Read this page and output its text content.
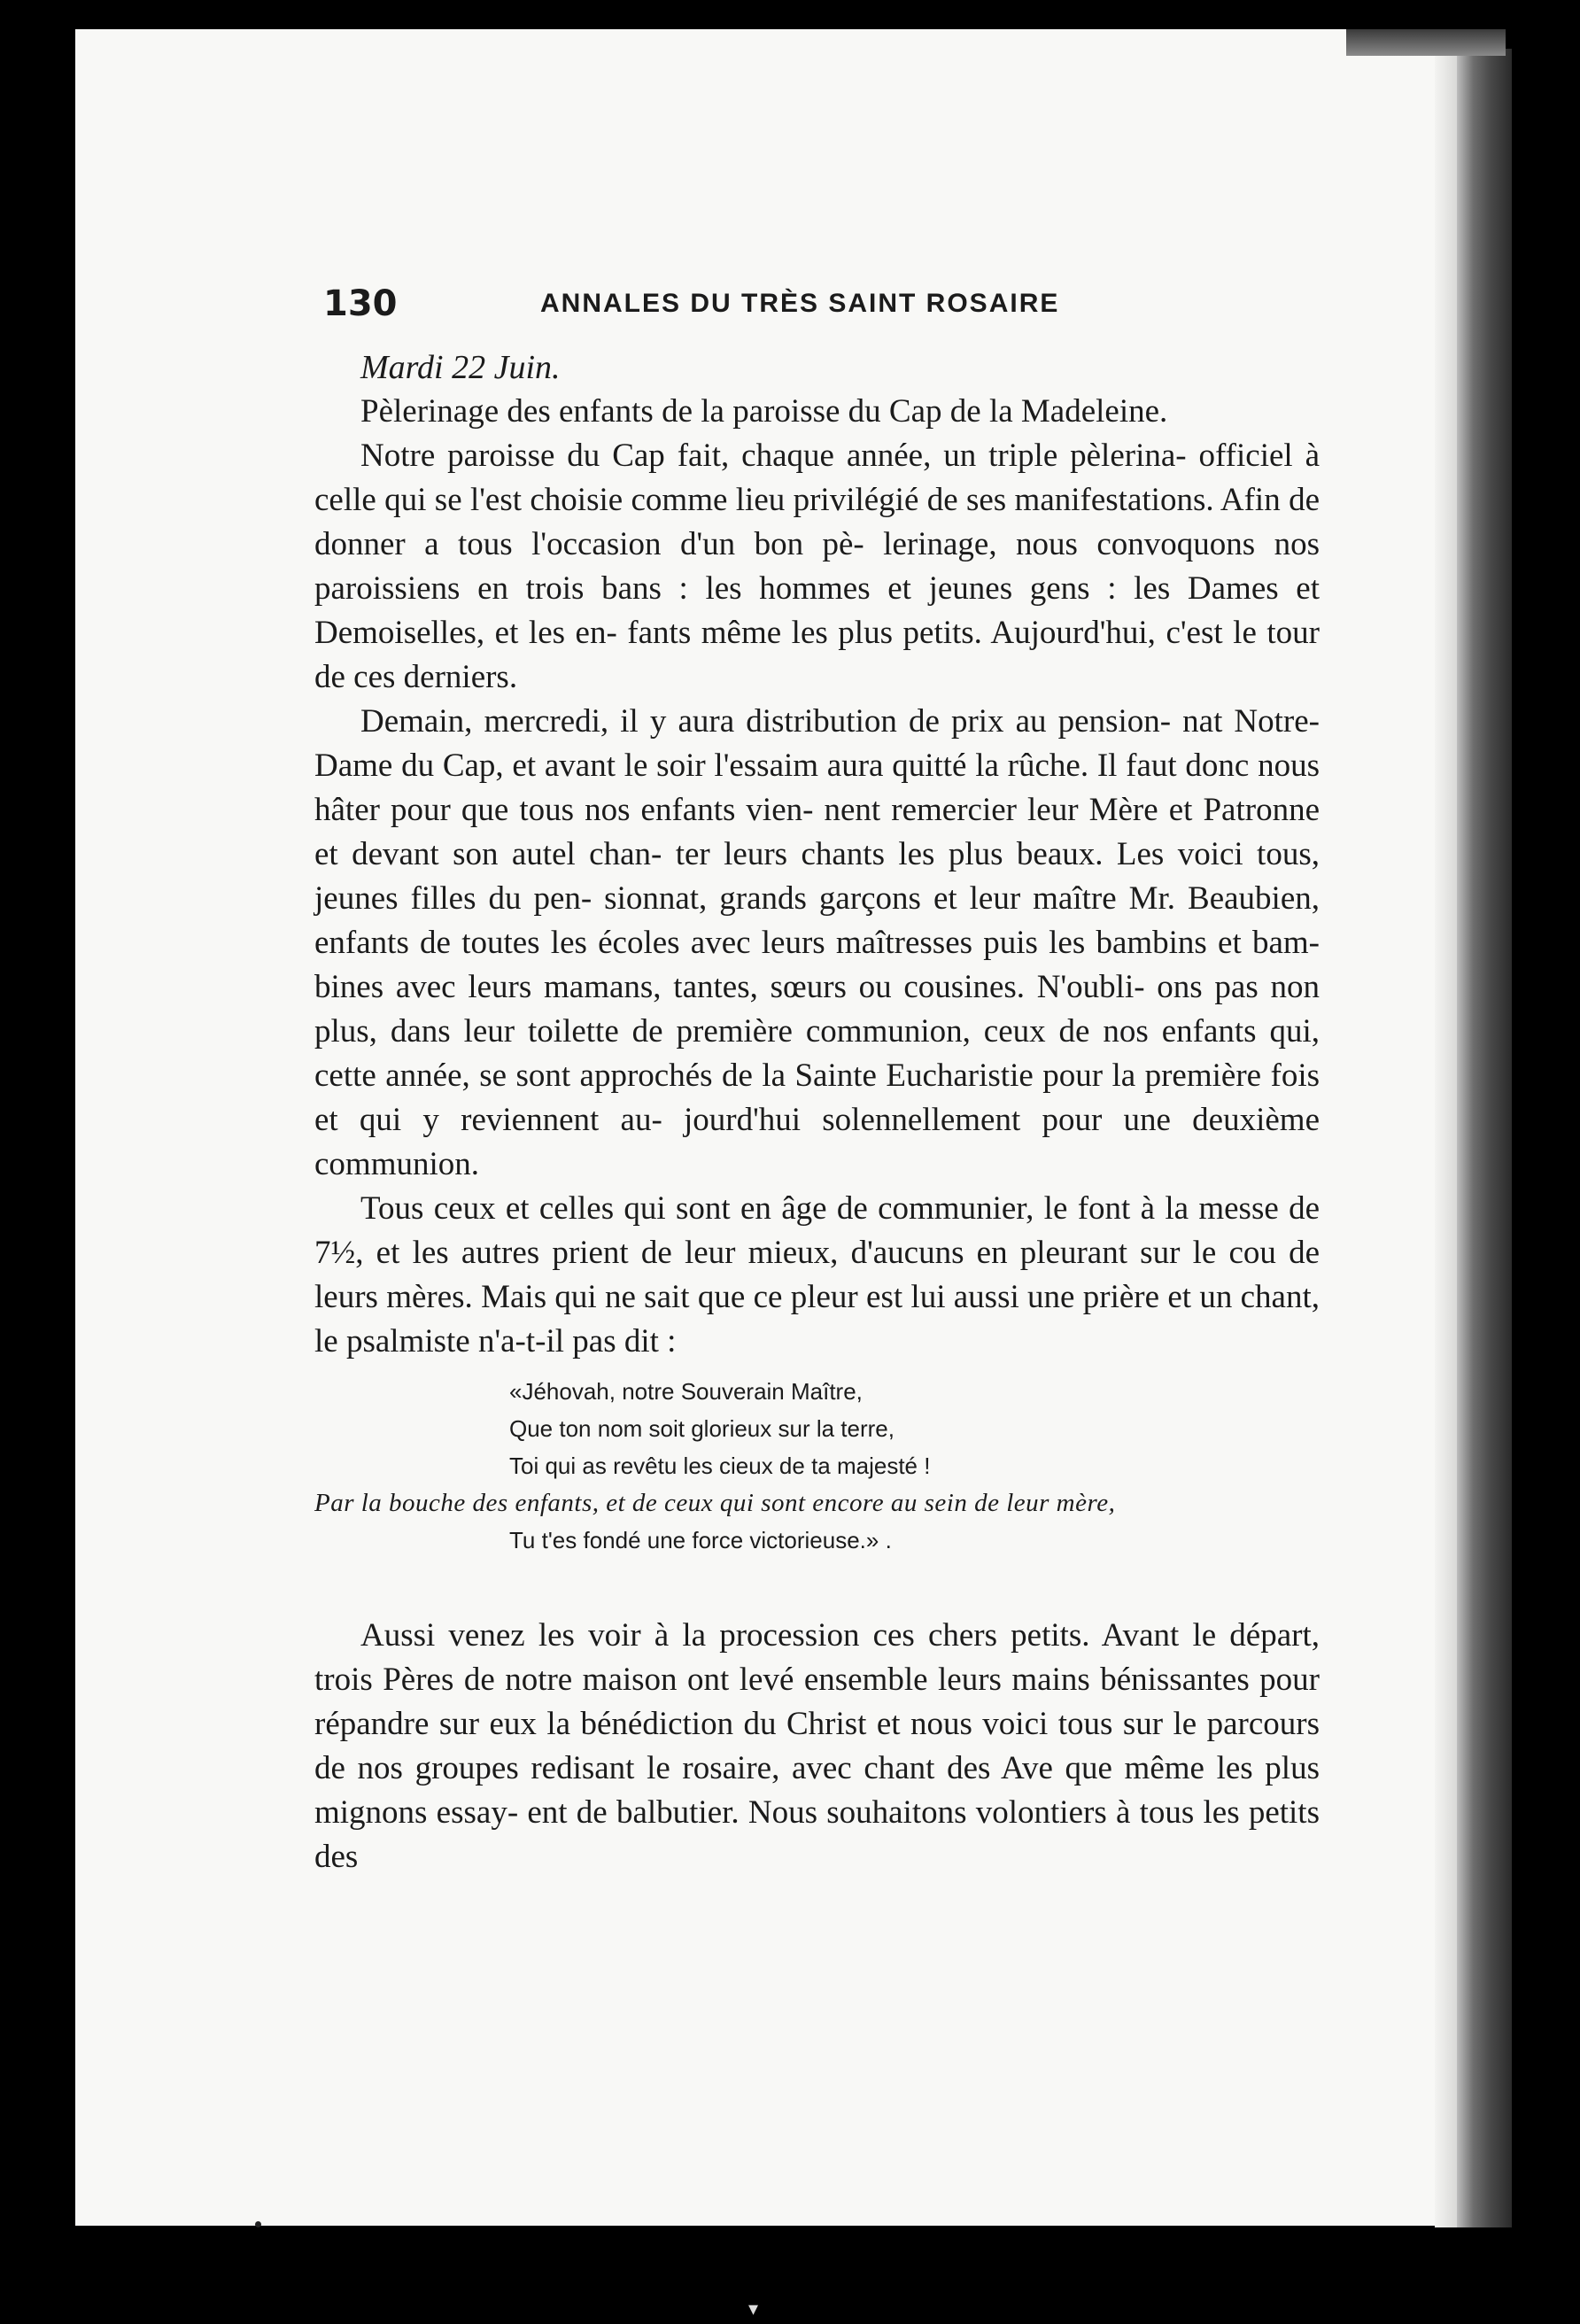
130	ANNALES DU TRÈS SAINT ROSAIRE
Mardi 22 Juin.

Pèlerinage des enfants de la paroisse du Cap de la Madeleine.

Notre paroisse du Cap fait, chaque année, un triple pèlerina- officiel à celle qui se l'est choisie comme lieu privilégié de ses manifestations. Afin de donner a tous l'occasion d'un bon pè- lerinage, nous convoquons nos paroissiens en trois bans : les hommes et jeunes gens : les Dames et Demoiselles, et les en- fants même les plus petits. Aujourd'hui, c'est le tour de ces derniers.

Demain, mercredi, il y aura distribution de prix au pension- nat Notre-Dame du Cap, et avant le soir l'essaim aura quitté la rûche. Il faut donc nous hâter pour que tous nos enfants vien- nent remercier leur Mère et Patronne et devant son autel chan- ter leurs chants les plus beaux. Les voici tous, jeunes filles du pen- sionnat, grands garçons et leur maître Mr. Beaubien, enfants de toutes les écoles avec leurs maîtresses puis les bambins et bam- bines avec leurs mamans, tantes, sœurs ou cousines. N'oubli- ons pas non plus, dans leur toilette de première communion, ceux de nos enfants qui, cette année, se sont approchés de la Sainte Eucharistie pour la première fois et qui y reviennent au- jourd'hui solennellement pour une deuxième communion.

Tous ceux et celles qui sont en âge de communier, le font à la messe de 7½, et les autres prient de leur mieux, d'aucuns en pleurant sur le cou de leurs mères. Mais qui ne sait que ce pleur est lui aussi une prière et un chant, le psalmiste n'a-t-il pas dit :

«Jéhovah, notre Souverain Maître,
Que ton nom soit glorieux sur la terre,
Toi qui as revêtu les cieux de ta majesté !
Par la bouche des enfants, et de ceux qui sont encore au sein de leur mère,
Tu t'es fondé une force victorieuse.» .

Aussi venez les voir à la procession ces chers petits. Avant le départ, trois Pères de notre maison ont levé ensemble leurs mains bénissantes pour répandre sur eux la bénédiction du Christ et nous voici tous sur le parcours de nos groupes redisant le rosaire, avec chant des Ave que même les plus mignons essay- ent de balbutier. Nous souhaitons volontiers à tous les petits des

▾
